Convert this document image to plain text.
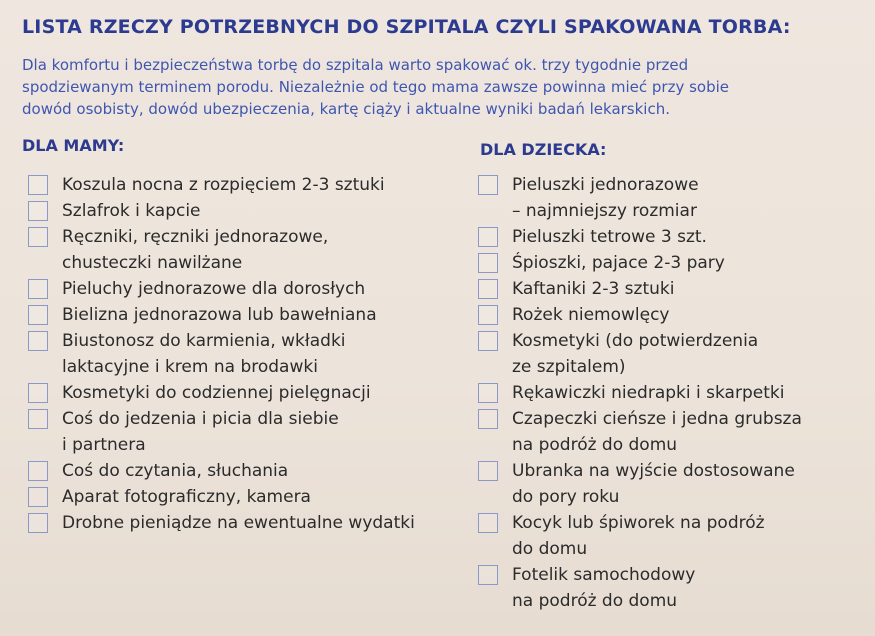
LISTA RZECZY POTRZEBNYCH DO SZPITALA CZYLI SPAKOWANA TORBA:
Dla komfortu i bezpieczeństwa torbę do szpitala warto spakować ok. trzy tygodnie przed
spodziewanym terminem porodu. Niezależnie od tego mama zawsze powinna mieć przy sobie
dowód osobisty, dowód ubezpieczenia, kartę ciąży i aktualne wyniki badań lekarskich.
DLA MAMY:	DLA DZIECKA:
Koszula nocna z rozpięciem 2-3 sztuki
Szlafrok i kapcie
Ręczniki, ręczniki jednorazowe,
chusteczki nawilżane
Pieluchy jednorazowe dla dorosłych
Bielizna jednorazowa lub bawełniana
Biustonosz do karmienia, wkładki
laktacyjne i krem na brodawki
Kosmetyki do codziennej pielęgnacji
Coś do jedzenia i picia dla siebie
i partnera
Coś do czytania, słuchania
Aparat fotograficzny, kamera
Drobne pieniądze na ewentualne wydatki
Pieluszki jednorazowe
– najmniejszy rozmiar
Pieluszki tetrowe 3 szt.
Śpioszki, pajace 2-3 pary
Kaftaniki 2-3 sztuki
Rożek niemowlęcy
Kosmetyki (do potwierdzenia
ze szpitalem)
Rękawiczki niedrapki i skarpetki
Czapeczki cieńsze i jedna grubsza
na podróż do domu
Ubranka na wyjście dostosowane
do pory roku
Kocyk lub śpiworek na podróż
do domu
Fotelik samochodowy
na podróż do domu
